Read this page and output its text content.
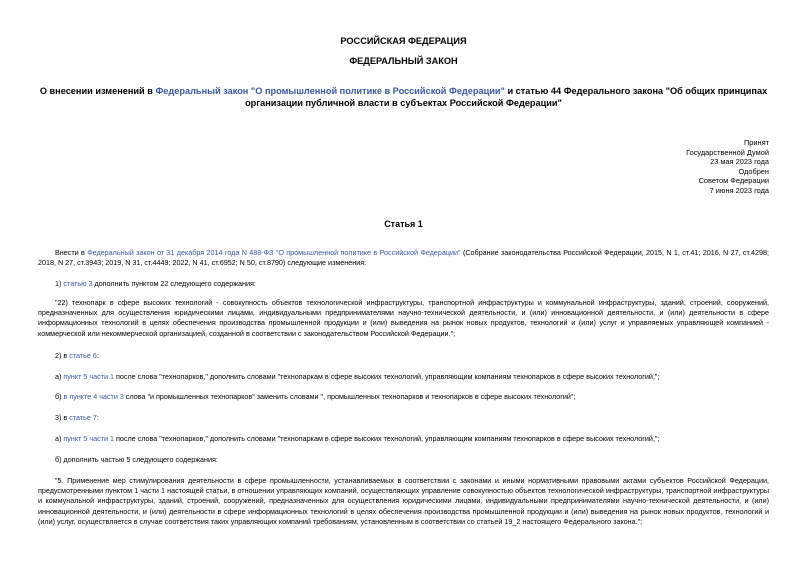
РОССИЙСКАЯ ФЕДЕРАЦИЯ
ФЕДЕРАЛЬНЫЙ ЗАКОН
О внесении изменений в Федеральный закон "О промышленной политике в Российской Федерации" и статью 44 Федерального закона "Об общих принципах организации публичной власти в субъектах Российской Федерации"
Принят
Государственной Думой
23 мая 2023 года
Одобрен
Советом Федерации
7 июня 2023 года
Статья 1
Внести в Федеральный закон от 31 декабря 2014 года N 488-ФЗ "О промышленной политике в Российской Федерации" (Собрание законодательства Российской Федерации, 2015, N 1, ст.41; 2016, N 27, ст.4298; 2018, N 27, ст.3943; 2019, N 31, ст.4449; 2022, N 41, ст.6952; N 50, ст.8790) следующие изменения:
1) статью 3 дополнить пунктом 22 следующего содержания:
"22) технопарк в сфере высоких технологий - совокупность объектов технологической инфраструктуры, транспортной инфраструктуры и коммунальной инфраструктуры, зданий, строений, сооружений, предназначенных для осуществления юридическими лицами, индивидуальными предпринимателями научно-технической деятельности, и (или) инновационной деятельности, и (или) деятельности в сфере информационных технологий в целях обеспечения производства промышленной продукции и (или) выведения на рынок новых продуктов, технологий и (или) услуг и управляемых управляющей компанией - коммерческой или некоммерческой организацией, созданной в соответствии с законодательством Российской Федерации.";
2) в статье 6:
а) пункт 5 части 1 после слова "технопарков," дополнить словами "технопаркам в сфере высоких технологий, управляющим компаниям технопарков в сфере высоких технологий,";
б) в пункте 4 части 3 слова "и промышленных технопарков" заменить словами ", промышленных технопарков и технопарков в сфере высоких технологий";
3) в статье 7:
а) пункт 5 части 1 после слова "технопарков," дополнить словами "технопаркам в сфере высоких технологий, управляющим компаниям технопарков в сфере высоких технологий,";
б) дополнить частью 5 следующего содержания:
"5. Применение мер стимулирования деятельности в сфере промышленности, устанавливаемых в соответствии с законами и иными нормативными правовыми актами субъектов Российской Федерации, предусмотренными пунктом 1 части 1 настоящей статьи, в отношении управляющих компаний, осуществляющих управление совокупностью объектов технологической инфраструктуры, транспортной инфраструктуры и коммунальной инфраструктуры, зданий, строений, сооружений, предназначенных для осуществления юридическими лицами, индивидуальными предпринимателями научно-технической деятельности, и (или) инновационной деятельности, и (или) деятельности в сфере информационных технологий в целях обеспечения производства промышленной продукции и (или) выведения на рынок новых продуктов, технологий и (или) услуг, осуществляется в случае соответствия таких управляющих компаний требованиям, установленным в соответствии со статьей 19_2 настоящего Федерального закона.";
